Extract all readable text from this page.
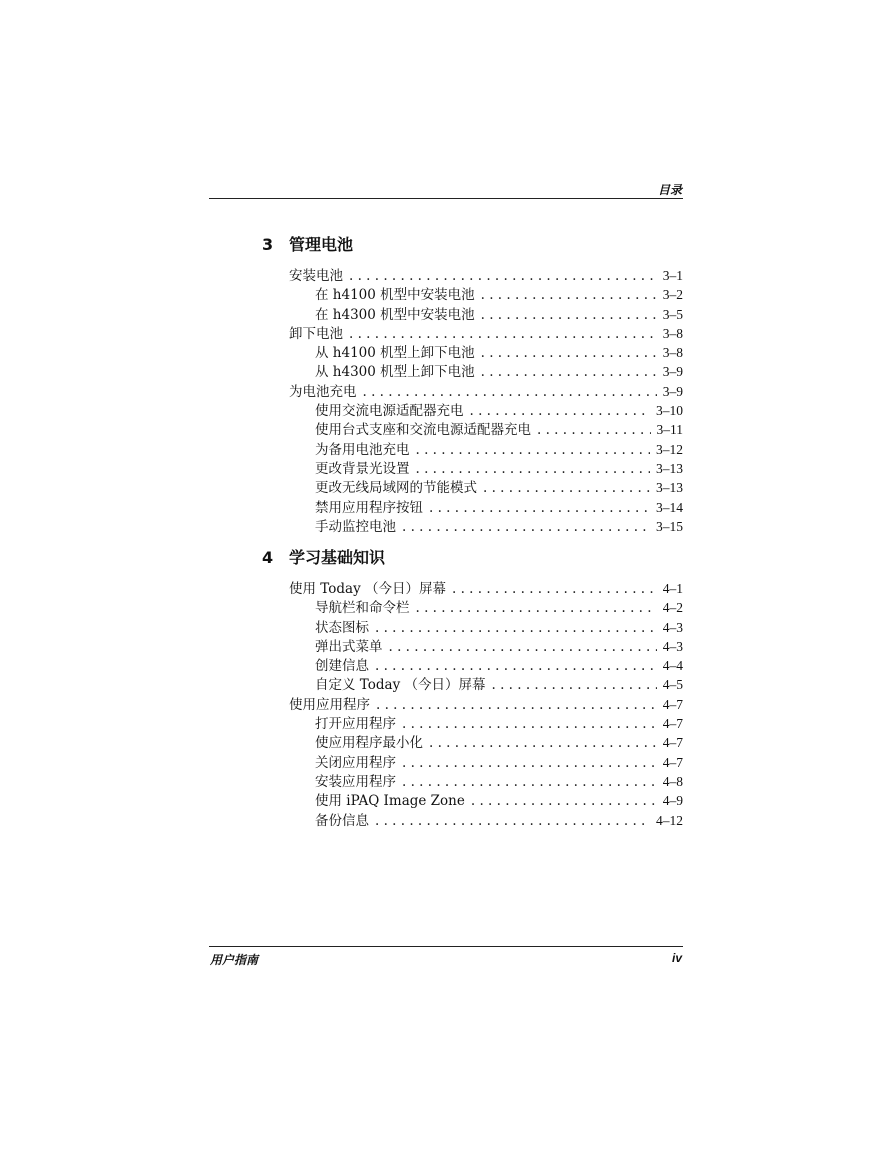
目录
3 管理电池
安装电池 . . .	3–1
在 h4100 机型中安装电池 . . .	3–2
在 h4300 机型中安装电池 . . .	3–5
卸下电池 . . .	3–8
从 h4100 机型上卸下电池 . . .	3–8
从 h4300 机型上卸下电池 . . .	3–9
为电池充电 . . .	3–9
使用交流电源适配器充电 . . .	3–10
使用台式支座和交流电源适配器充电 . . .	3–11
为备用电池充电 . . .	3–12
更改背景光设置 . . .	3–13
更改无线局域网的节能模式 . . .	3–13
禁用应用程序按钮 . . .	3–14
手动监控电池 . . .	3–15
4 学习基础知识
使用 Today （今日）屏幕 . . .	4–1
导航栏和命令栏 . . .	4–2
状态图标 . . .	4–3
弹出式菜单 . . .	4–3
创建信息 . . .	4–4
自定义 Today （今日）屏幕 . . .	4–5
使用应用程序 . . .	4–7
打开应用程序 . . .	4–7
使应用程序最小化 . . .	4–7
关闭应用程序 . . .	4–7
安装应用程序 . . .	4–8
使用 iPAQ Image Zone . . .	4–9
备份信息 . . .	4–12
用户指南	iv
